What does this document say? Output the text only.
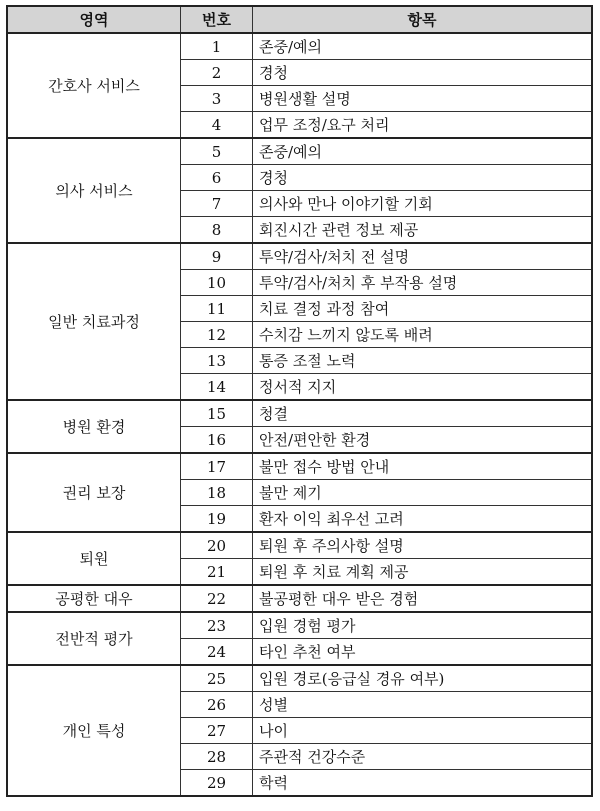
영역	번호	항목
간호사 서비스	1	존중/예의
	2	경청
	3	병원생활 설명
	4	업무 조정/요구 처리
의사 서비스	5	존중/예의
	6	경청
	7	의사와 만나 이야기할 기회
	8	회진시간 관련 정보 제공
일반 치료과정	9	투약/검사/처치 전 설명
	10	투약/검사/처치 후 부작용 설명
	11	치료 결정 과정 참여
	12	수치감 느끼지 않도록 배려
	13	통증 조절 노력
	14	정서적 지지
병원 환경	15	청결
	16	안전/편안한 환경
권리 보장	17	불만 접수 방법 안내
	18	불만 제기
	19	환자 이익 최우선 고려
퇴원	20	퇴원 후 주의사항 설명
	21	퇴원 후 치료 계획 제공
공평한 대우	22	불공평한 대우 받은 경험
전반적 평가	23	입원 경험 평가
	24	타인 추천 여부
개인 특성	25	입원 경로(응급실 경유 여부)
	26	성별
	27	나이
	28	주관적 건강수준
	29	학력
